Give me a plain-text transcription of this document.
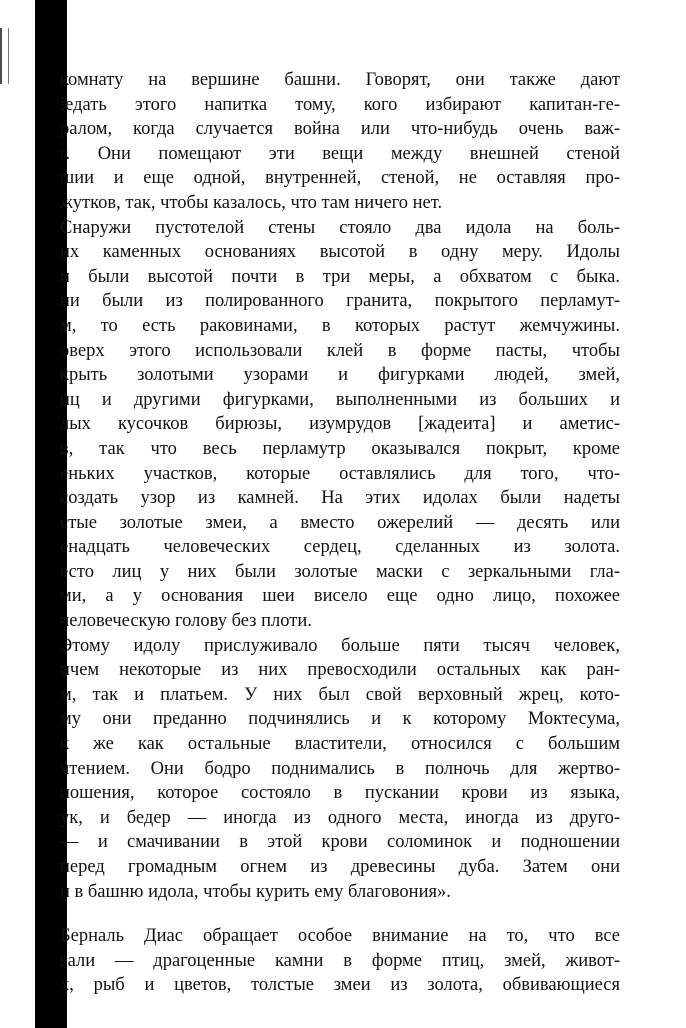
комнату на вершине башни. Говорят, они также дают
іедать этого напитка тому, кого избирают капитан-ге-
ралом, когда случается война или что-нибудь очень важ-
г. Они помещают эти вещи между внешней стеной
шии и еще одной, внутренней, стеной, не оставляя про-
жутков, так, чтобы казалось, что там ничего нет.
Снаружи пустотелой стены стояло два идола на боль-
их каменных основаниях высотой в одну меру. Идолы
и были высотой почти в три меры, а обхватом с быка.
ни были из полированного гранита, покрытого перламут-
м, то есть раковинами, в которых растут жемчужины.
оверх этого использовали клей в форме пасты, чтобы
крыть золотыми узорами и фигурками людей, змей,
иц и другими фигурками, выполненными из больших и
лых кусочков бирюзы, изумрудов [жадеита] и аметис-
в, так что весь перламутр оказывался покрыт, кроме
еньких участков, которые оставлялись для того, что-
создать узор из камней. На этих идолах были надеты
стые золотые змеи, а вместо ожерелий — десять или
енадцать человеческих сердец, сделанных из золота.
есто лиц у них были золотые маски с зеркальными гла-
ми, а у основания шеи висело еще одно лицо, похожее
человеческую голову без плоти.
Этому идолу прислуживало больше пяти тысяч человек,
ичем некоторые из них превосходили остальных как ран-
м, так и платьем. У них был свой верховный жрец, кото-
му они преданно подчинялись и к которому Моктесума,
к же как остальные властители, относился с большим
чтением. Они бодро поднимались в полночь для жертво-
ношения, которое состояло в пускании крови из языка,
ук, и бедер — иногда из одного места, иногда из друго-
— и смачивании в этой крови соломинок и подношении
перед громадным огнем из древесины дуба. Затем они
и в башню идола, чтобы курить ему благовония».
Берналь Диас обращает особое внимание на то, что все
гали — драгоценные камни в форме птиц, змей, живот-
х, рыб и цветов, толстые змеи из золота, обвивающиеся
